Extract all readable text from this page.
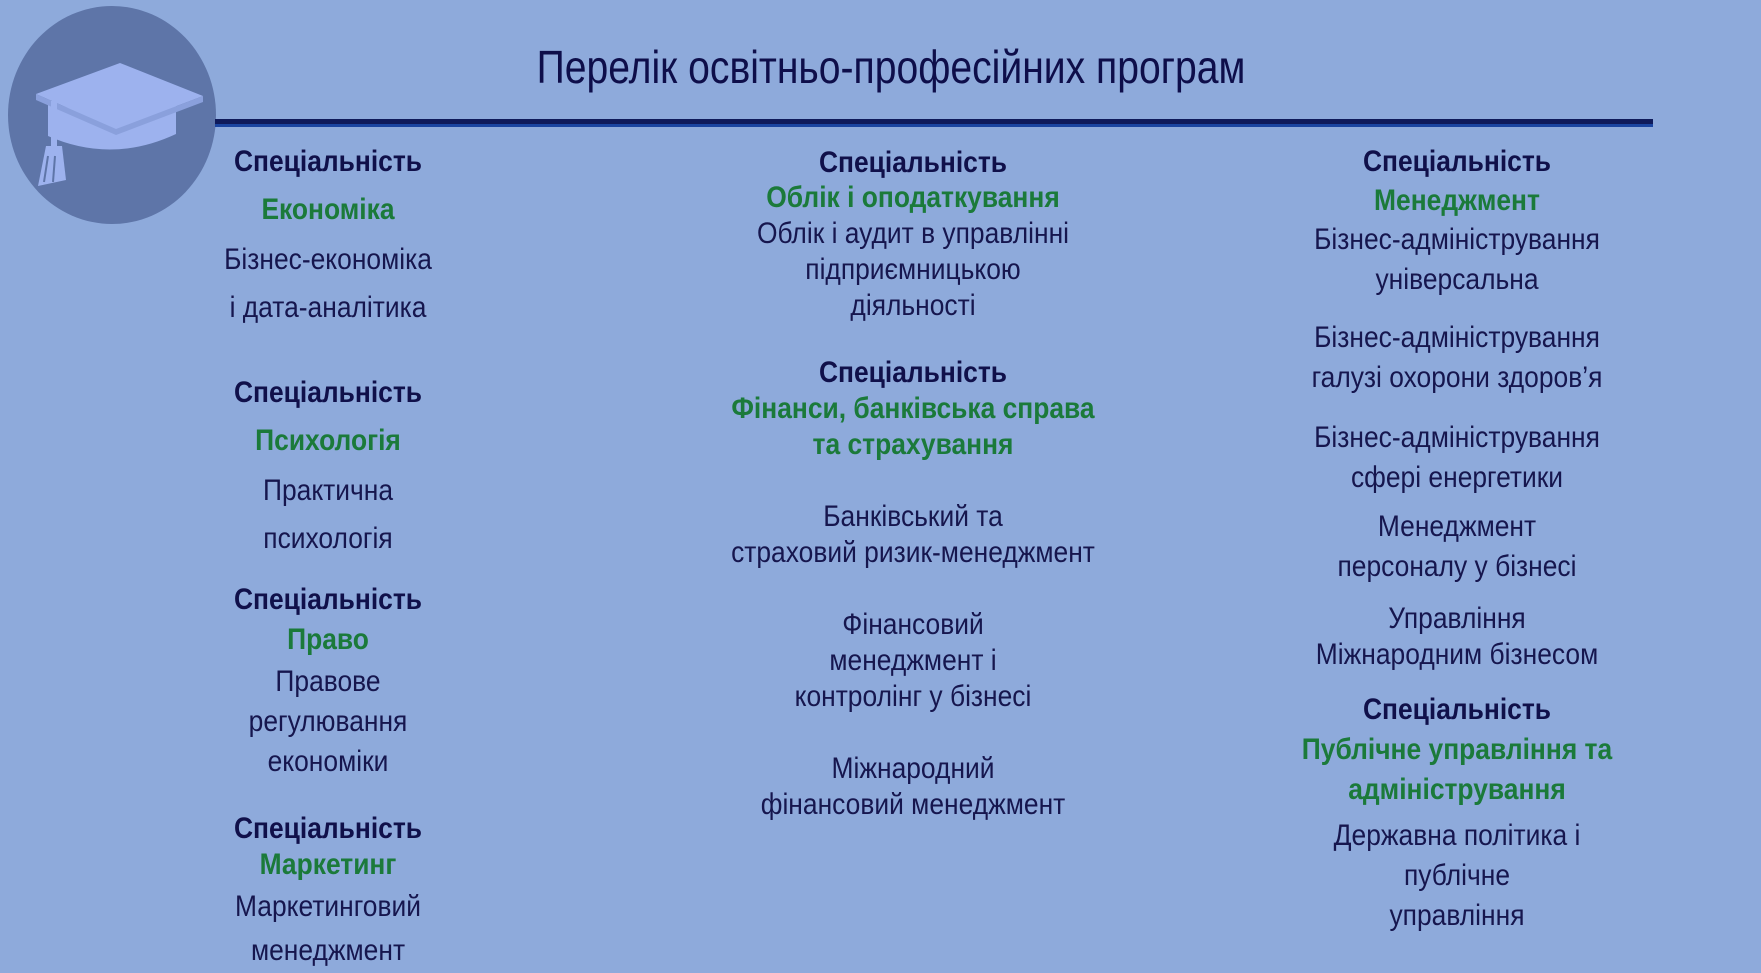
Перелік освітньо-професійних програм
Спеціальність
Економіка
Бізнес-економіка
і дата-аналітика
Спеціальність
Психологія
Практична
психологія
Спеціальність
Право
Правове
регулювання
економіки
Спеціальність
Маркетинг
Маркетинговий
менеджмент
Спеціальність
Облік і оподаткування
Облік і аудит в управлінні
підприємницькою
діяльності
Спеціальність
Фінанси, банківська справа
та страхування
Банківський та
страховий ризик-менеджмент
Фінансовий
менеджмент і
контролінг у бізнесі
Міжнародний
фінансовий менеджмент
Спеціальність
Менеджмент
Бізнес-адміністрування
універсальна
Бізнес-адміністрування
галузі охорони здоров’я
Бізнес-адміністрування
сфері енергетики
Менеджмент
персоналу у бізнесі
Управління
Міжнародним бізнесом
Спеціальність
Публічне управління та
адміністрування
Державна політика і
публічне
управління
